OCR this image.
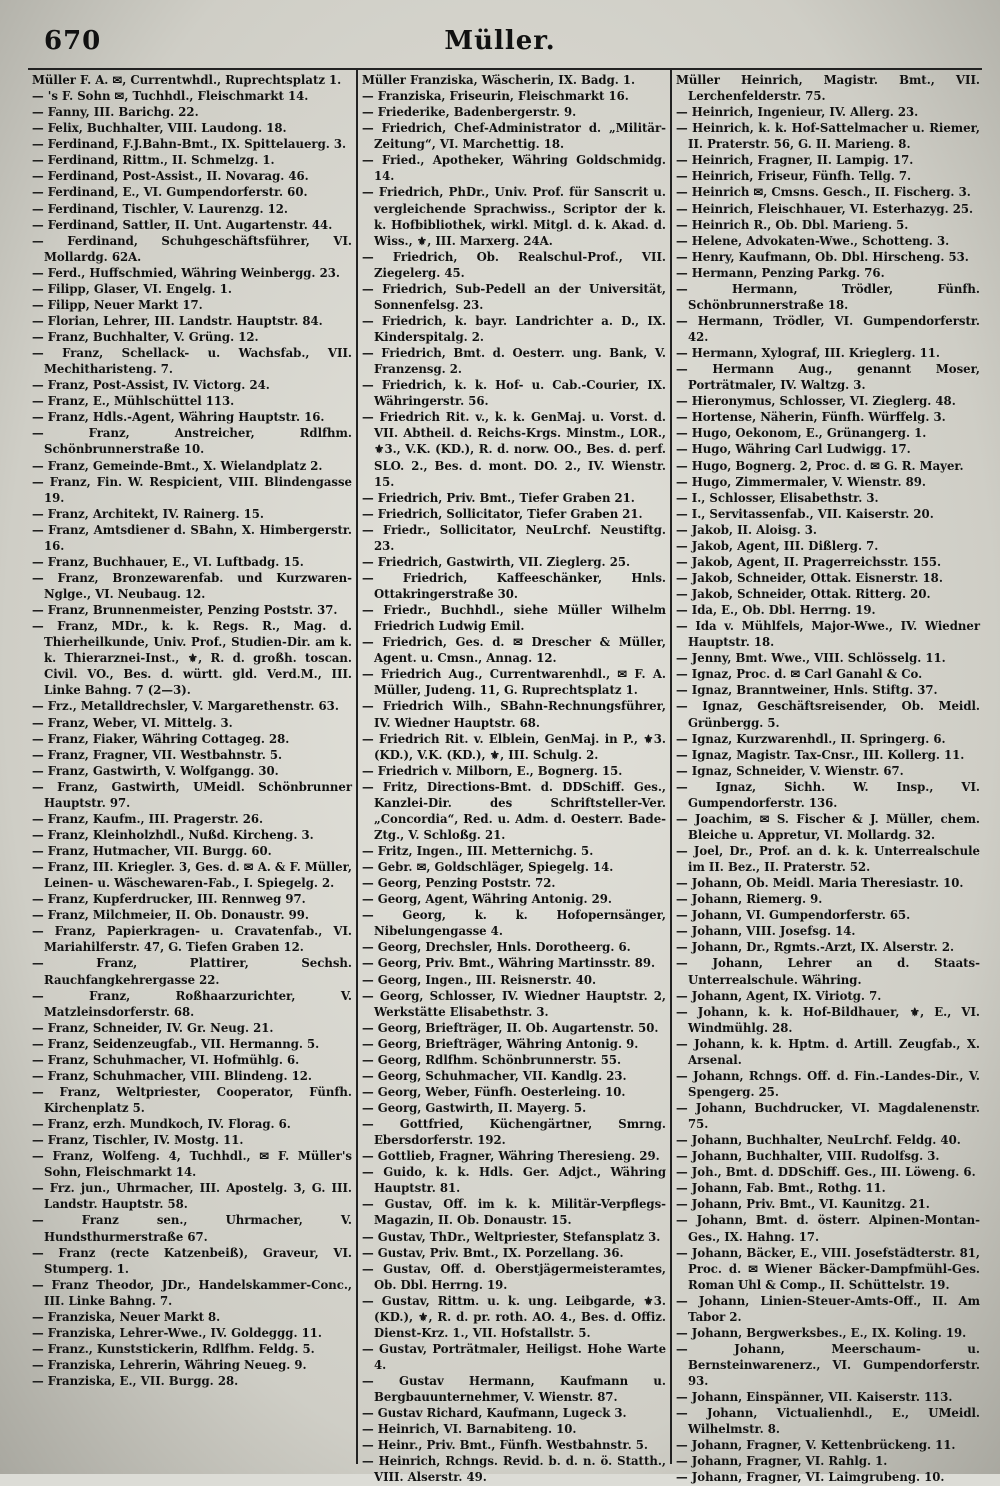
670	Müller.
Müller F. A. ✉, Currentwhdl., Ruprechtsplatz 1.
— 's F. Sohn ✉, Tuchhdl., Fleischmarkt 14.
— Fanny, III. Barichg. 22.
— Felix, Buchhalter, VIII. Laudong. 18.
— Ferdinand, F.J.Bahn-Bmt., IX. Spittelauerg. 3.
— Ferdinand, Rittm., II. Schmelzg. 1.
— Ferdinand, Post-Assist., II. Novarag. 46.
— Ferdinand, E., VI. Gumpendorferstr. 60.
— Ferdinand, Tischler, V. Laurenzg. 12.
— Ferdinand, Sattler, II. Unt. Augartenstr. 44.
— Ferdinand, Schuhgeschäftsführer, VI. Mollardg. 62A.
— Ferd., Huffschmied, Währing Weinbergg. 23.
— Filipp, Glaser, VI. Engelg. 1.
— Filipp, Neuer Markt 17.
— Florian, Lehrer, III. Landstr. Hauptstr. 84.
— Franz, Buchhalter, V. Grüng. 12.
— Franz, Schellack- u. Wachsfab., VII. Mechitharisteng. 7.
— Franz, Post-Assist, IV. Victorg. 24.
— Franz, E., Mühlschüttel 113.
— Franz, Hdls.-Agent, Währing Hauptstr. 16.
— Franz, Anstreicher, Rdlfhm. Schönbrunnerstraße 10.
— Franz, Gemeinde-Bmt., X. Wielandplatz 2.
— Franz, Fin. W. Respicient, VIII. Blindengasse 19.
— Franz, Architekt, IV. Rainerg. 15.
— Franz, Amtsdiener d. SBahn, X. Himbergerstr. 16.
— Franz, Buchhauer, E., VI. Luftbadg. 15.
— Franz, Bronzewarenfab. und Kurzwaren-Nglge., VI. Neubaug. 12.
— Franz, Brunnenmeister, Penzing Poststr. 37.
— Franz, MDr., k. k. Regs. R., Mag. d. Thierheilkunde, Univ. Prof., Studien-Dir. am k. k. Thierarznei-Inst., ⚜, R. d. großh. toscan. Civil. VO., Bes. d. württ. gld. Verd.M., III. Linke Bahng. 7 (2—3).
— Frz., Metalldrechsler, V. Margarethenstr. 63.
— Franz, Weber, VI. Mittelg. 3.
— Franz, Fiaker, Währing Cottageg. 28.
— Franz, Fragner, VII. Westbahnstr. 5.
— Franz, Gastwirth, V. Wolfgangg. 30.
— Franz, Gastwirth, UMeidl. Schönbrunner Hauptstr. 97.
— Franz, Kaufm., III. Pragerstr. 26.
— Franz, Kleinholzhdl., Nußd. Kircheng. 3.
— Franz, Hutmacher, VII. Burgg. 60.
— Franz, III. Kriegler. 3, Ges. d. ✉ A. & F. Müller, Leinen- u. Wäschewaren-Fab., I. Spiegelg. 2.
— Franz, Kupferdrucker, III. Rennweg 97.
— Franz, Milchmeier, II. Ob. Donaustr. 99.
— Franz, Papierkragen- u. Cravatenfab., VI. Mariahilferstr. 47, G. Tiefen Graben 12.
— Franz, Plattirer, Sechsh. Rauchfangkehrergasse 22.
— Franz, Roßhaarzurichter, V. Matzleinsdorferstr. 68.
— Franz, Schneider, IV. Gr. Neug. 21.
— Franz, Seidenzeugfab., VII. Hermanng. 5.
— Franz, Schuhmacher, VI. Hofmühlg. 6.
— Franz, Schuhmacher, VIII. Blindeng. 12.
— Franz, Weltpriester, Cooperator, Fünfh. Kirchenplatz 5.
— Franz, erzh. Mundkoch, IV. Florag. 6.
— Franz, Tischler, IV. Mostg. 11.
— Franz, Wolfeng. 4, Tuchhdl., ✉ F. Müller's Sohn, Fleischmarkt 14.
— Frz. jun., Uhrmacher, III. Apostelg. 3, G. III. Landstr. Hauptstr. 58.
— Franz sen., Uhrmacher, V. Hundsthurmerstraße 67.
— Franz (recte Katzenbeiß), Graveur, VI. Stumperg. 1.
— Franz Theodor, JDr., Handelskammer-Conc., III. Linke Bahng. 7.
— Franziska, Neuer Markt 8.
— Franziska, Lehrer-Wwe., IV. Goldeggg. 11.
— Franz., Kunststickerin, Rdlfhm. Feldg. 5.
— Franziska, Lehrerin, Währing Neueg. 9.
— Franziska, E., VII. Burgg. 28.
Müller Franziska, Wäscherin, IX. Badg. 1.
— Franziska, Friseurin, Fleischmarkt 16.
— Friederike, Badenbergerstr. 9.
— Friedrich, Chef-Administrator d. „Militär-Zeitung“, VI. Marchettig. 18.
— Fried., Apotheker, Währing Goldschmidg. 14.
— Friedrich, PhDr., Univ. Prof. für Sanscrit u. vergleichende Sprachwiss., Scriptor der k. k. Hofbibliothek, wirkl. Mitgl. d. k. Akad. d. Wiss., ⚜, III. Marxerg. 24A.
— Friedrich, Ob. Realschul-Prof., VII. Ziegelerg. 45.
— Friedrich, Sub-Pedell an der Universität, Sonnenfelsg. 23.
— Friedrich, k. bayr. Landrichter a. D., IX. Kinderspitalg. 2.
— Friedrich, Bmt. d. Oesterr. ung. Bank, V. Franzensg. 2.
— Friedrich, k. k. Hof- u. Cab.-Courier, IX. Währingerstr. 56.
— Friedrich Rit. v., k. k. GenMaj. u. Vorst. d. VII. Abtheil. d. Reichs-Krgs. Minstm., LOR., ⚜3., V.K. (KD.), R. d. norw. OO., Bes. d. perf. SLO. 2., Bes. d. mont. DO. 2., IV. Wienstr. 15.
— Friedrich, Priv. Bmt., Tiefer Graben 21.
— Friedrich, Sollicitator, Tiefer Graben 21.
— Friedr., Sollicitator, NeuLrchf. Neustiftg. 23.
— Friedrich, Gastwirth, VII. Zieglerg. 25.
— Friedrich, Kaffeeschänker, Hnls. Ottakringerstraße 30.
— Friedr., Buchhdl., siehe Müller Wilhelm Friedrich Ludwig Emil.
— Friedrich, Ges. d. ✉ Drescher & Müller, Agent. u. Cmsn., Annag. 12.
— Friedrich Aug., Currentwarenhdl., ✉ F. A. Müller, Judeng. 11, G. Ruprechtsplatz 1.
— Friedrich Wilh., SBahn-Rechnungsführer, IV. Wiedner Hauptstr. 68.
— Friedrich Rit. v. Elblein, GenMaj. in P., ⚜3. (KD.), V.K. (KD.), ⚜, III. Schulg. 2.
— Friedrich v. Milborn, E., Bognerg. 15.
— Fritz, Directions-Bmt. d. DDSchiff. Ges., Kanzlei-Dir. des Schriftsteller-Ver. „Concordia“, Red. u. Adm. d. Oesterr. Bade-Ztg., V. Schloßg. 21.
— Fritz, Ingen., III. Metternichg. 5.
— Gebr. ✉, Goldschläger, Spiegelg. 14.
— Georg, Penzing Poststr. 72.
— Georg, Agent, Währing Antonig. 29.
— Georg, k. k. Hofopernsänger, Nibelungengasse 4.
— Georg, Drechsler, Hnls. Dorotheerg. 6.
— Georg, Priv. Bmt., Währing Martinsstr. 89.
— Georg, Ingen., III. Reisnerstr. 40.
— Georg, Schlosser, IV. Wiedner Hauptstr. 2, Werkstätte Elisabethstr. 3.
— Georg, Briefträger, II. Ob. Augartenstr. 50.
— Georg, Briefträger, Währing Antonig. 9.
— Georg, Rdlfhm. Schönbrunnerstr. 55.
— Georg, Schuhmacher, VII. Kandlg. 23.
— Georg, Weber, Fünfh. Oesterleing. 10.
— Georg, Gastwirth, II. Mayerg. 5.
— Gottfried, Küchengärtner, Smrng. Ebersdorferstr. 192.
— Gottlieb, Fragner, Währing Theresieng. 29.
— Guido, k. k. Hdls. Ger. Adjct., Währing Hauptstr. 81.
— Gustav, Off. im k. k. Militär-Verpflegs-Magazin, II. Ob. Donaustr. 15.
— Gustav, ThDr., Weltpriester, Stefansplatz 3.
— Gustav, Priv. Bmt., IX. Porzellang. 36.
— Gustav, Off. d. Oberstjägermeisteramtes, Ob. Dbl. Herrng. 19.
— Gustav, Rittm. u. k. ung. Leibgarde, ⚜3. (KD.), ⚜, R. d. pr. roth. AO. 4., Bes. d. Offiz. Dienst-Krz. 1., VII. Hofstallstr. 5.
— Gustav, Porträtmaler, Heiligst. Hohe Warte 4.
— Gustav Hermann, Kaufmann u. Bergbauunternehmer, V. Wienstr. 87.
— Gustav Richard, Kaufmann, Lugeck 3.
— Heinrich, VI. Barnabiteng. 10.
— Heinr., Priv. Bmt., Fünfh. Westbahnstr. 5.
— Heinrich, Rchngs. Revid. b. d. n. ö. Statth., VIII. Alserstr. 49.
Müller Heinrich, Magistr. Bmt., VII. Lerchenfelderstr. 75.
— Heinrich, Ingenieur, IV. Allerg. 23.
— Heinrich, k. k. Hof-Sattelmacher u. Riemer, II. Praterstr. 56, G. II. Marieng. 8.
— Heinrich, Fragner, II. Lampig. 17.
— Heinrich, Friseur, Fünfh. Tellg. 7.
— Heinrich ✉, Cmsns. Gesch., II. Fischerg. 3.
— Heinrich, Fleischhauer, VI. Esterhazyg. 25.
— Heinrich R., Ob. Dbl. Marieng. 5.
— Helene, Advokaten-Wwe., Schotteng. 3.
— Henry, Kaufmann, Ob. Dbl. Hirscheng. 53.
— Hermann, Penzing Parkg. 76.
— Hermann, Trödler, Fünfh. Schönbrunnerstraße 18.
— Hermann, Trödler, VI. Gumpendorferstr. 42.
— Hermann, Xylograf, III. Krieglerg. 11.
— Hermann Aug., genannt Moser, Porträtmaler, IV. Waltzg. 3.
— Hieronymus, Schlosser, VI. Zieglerg. 48.
— Hortense, Näherin, Fünfh. Würffelg. 3.
— Hugo, Oekonom, E., Grünangerg. 1.
— Hugo, Währing Carl Ludwigg. 17.
— Hugo, Bognerg. 2, Proc. d. ✉ G. R. Mayer.
— Hugo, Zimmermaler, V. Wienstr. 89.
— I., Schlosser, Elisabethstr. 3.
— I., Servitassenfab., VII. Kaiserstr. 20.
— Jakob, II. Aloisg. 3.
— Jakob, Agent, III. Dißlerg. 7.
— Jakob, Agent, II. Pragerreichsstr. 155.
— Jakob, Schneider, Ottak. Eisnerstr. 18.
— Jakob, Schneider, Ottak. Ritterg. 20.
— Ida, E., Ob. Dbl. Herrng. 19.
— Ida v. Mühlfels, Major-Wwe., IV. Wiedner Hauptstr. 18.
— Jenny, Bmt. Wwe., VIII. Schlösselg. 11.
— Ignaz, Proc. d. ✉ Carl Ganahl & Co.
— Ignaz, Branntweiner, Hnls. Stiftg. 37.
— Ignaz, Geschäftsreisender, Ob. Meidl. Grünbergg. 5.
— Ignaz, Kurzwarenhdl., II. Springerg. 6.
— Ignaz, Magistr. Tax-Cnsr., III. Kollerg. 11.
— Ignaz, Schneider, V. Wienstr. 67.
— Ignaz, Sichh. W. Insp., VI. Gumpendorferstr. 136.
— Joachim, ✉ S. Fischer & J. Müller, chem. Bleiche u. Appretur, VI. Mollardg. 32.
— Joel, Dr., Prof. an d. k. k. Unterrealschule im II. Bez., II. Praterstr. 52.
— Johann, Ob. Meidl. Maria Theresiastr. 10.
— Johann, Riemerg. 9.
— Johann, VI. Gumpendorferstr. 65.
— Johann, VIII. Josefsg. 14.
— Johann, Dr., Rgmts.-Arzt, IX. Alserstr. 2.
— Johann, Lehrer an d. Staats-Unterrealschule. Währing.
— Johann, Agent, IX. Viriotg. 7.
— Johann, k. k. Hof-Bildhauer, ⚜, E., VI. Windmühlg. 28.
— Johann, k. k. Hptm. d. Artill. Zeugfab., X. Arsenal.
— Johann, Rchngs. Off. d. Fin.-Landes-Dir., V. Spengerg. 25.
— Johann, Buchdrucker, VI. Magdalenenstr. 75.
— Johann, Buchhalter, NeuLrchf. Feldg. 40.
— Johann, Buchhalter, VIII. Rudolfsg. 3.
— Joh., Bmt. d. DDSchiff. Ges., III. Löweng. 6.
— Johann, Fab. Bmt., Rothg. 11.
— Johann, Priv. Bmt., VI. Kaunitzg. 21.
— Johann, Bmt. d. österr. Alpinen-Montan-Ges., IX. Hahng. 17.
— Johann, Bäcker, E., VIII. Josefstädterstr. 81, Proc. d. ✉ Wiener Bäcker-Dampfmühl-Ges. Roman Uhl & Comp., II. Schüttelstr. 19.
— Johann, Linien-Steuer-Amts-Off., II. Am Tabor 2.
— Johann, Bergwerksbes., E., IX. Koling. 19.
— Johann, Meerschaum- u. Bernsteinwarenerz., VI. Gumpendorferstr. 93.
— Johann, Einspänner, VII. Kaiserstr. 113.
— Johann, Victualienhdl., E., UMeidl. Wilhelmstr. 8.
— Johann, Fragner, V. Kettenbrückeng. 11.
— Johann, Fragner, VI. Rahlg. 1.
— Johann, Fragner, VI. Laimgrubeng. 10.
